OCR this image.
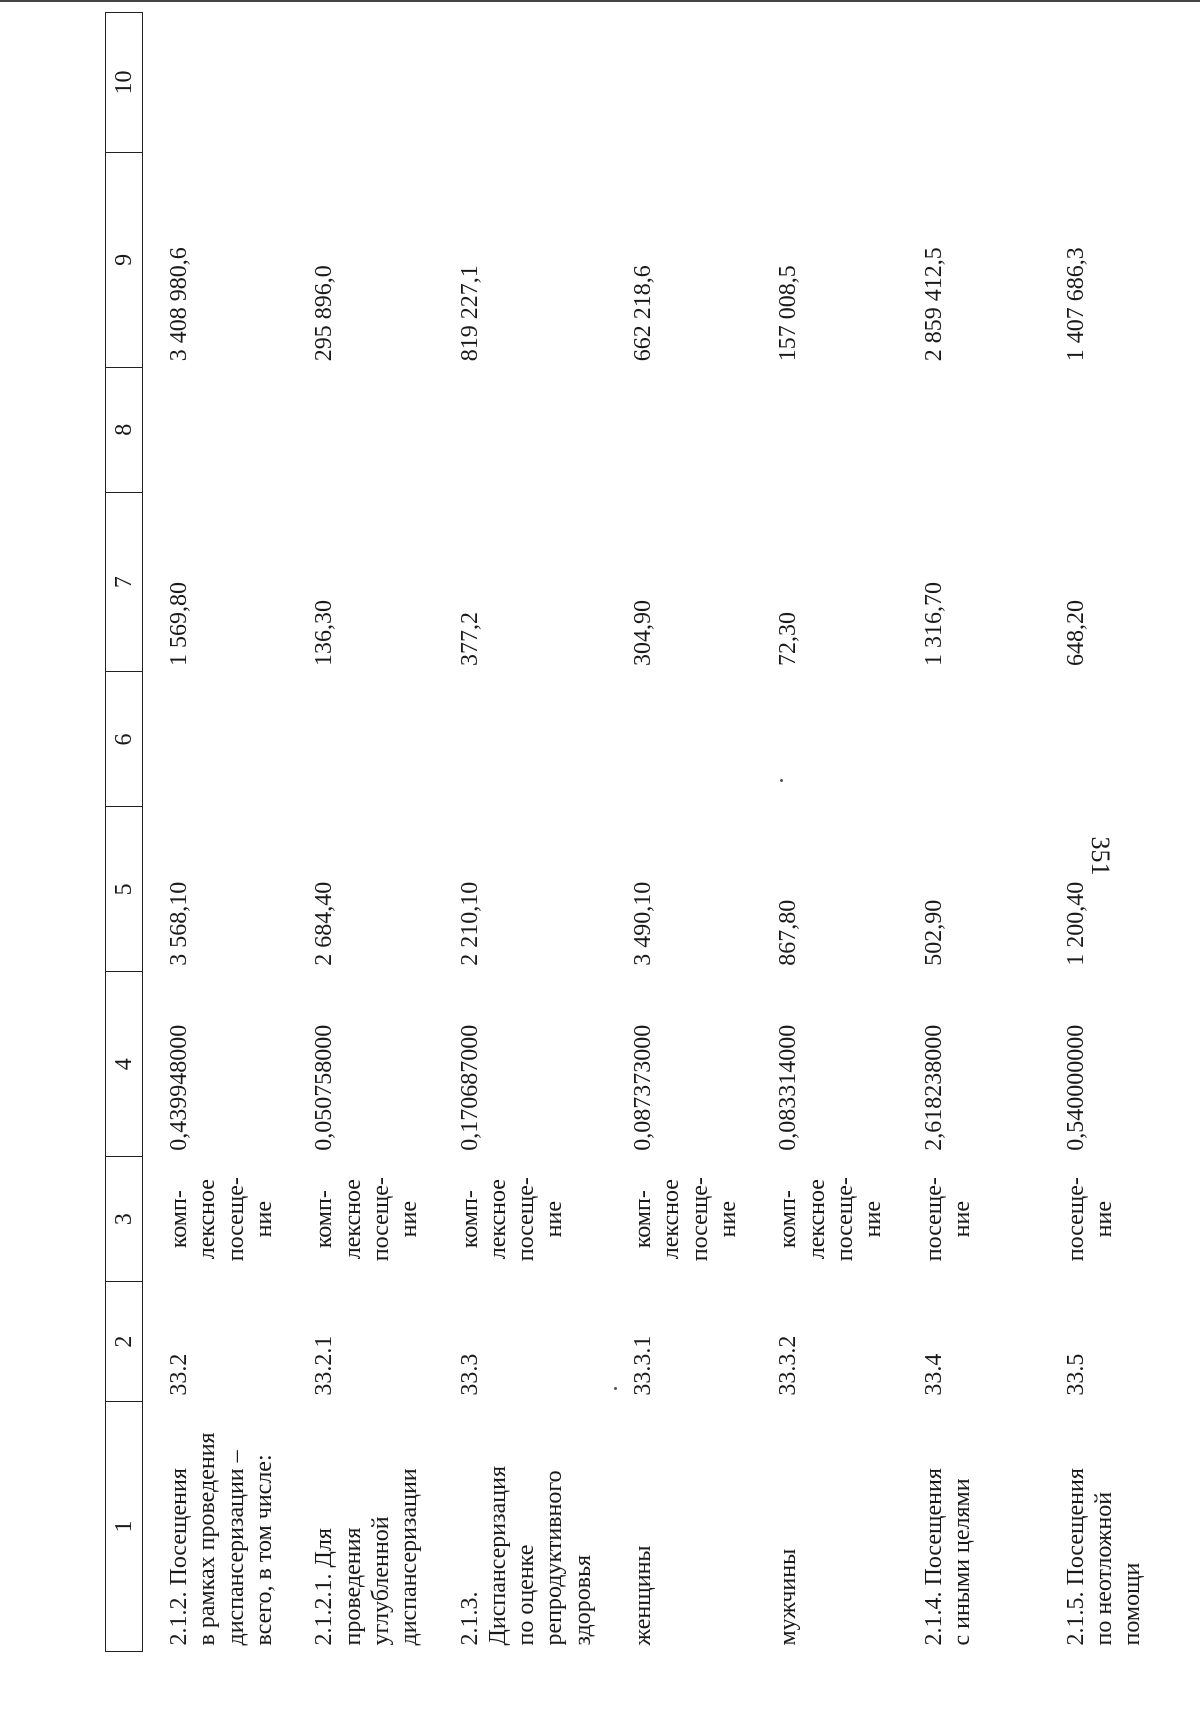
351
1	2	3	4	5	6	7	8	9	10
2.1.2. Посещения
в рамках проведения
диспансеризации –
всего, в том числе:	33.2	комп-
лексное
посеще-
ние	0,439948000	3 568,10		1 569,80		3 408 980,6	
2.1.2.1. Для проведения
углубленной
диспансеризации	33.2.1	комп-
лексное
посеще-
ние	0,050758000	2 684,40		136,30		295 896,0	
2.1.3. Диспансеризация
по оценке
репродуктивного
здоровья	33.3	комп-
лексное
посеще-
ние	0,170687000	2 210,10		377,2		819 227,1	
женщины	33.3.1	комп-
лексное
посеще-
ние	0,087373000	3 490,10		304,90		662 218,6	
мужчины	33.3.2	комп-
лексное
посеще-
ние	0,083314000	867,80		72,30		157 008,5	
2.1.4. Посещения
с иными целями	33.4	посеще-
ние	2,618238000	502,90		1 316,70		2 859 412,5	
2.1.5. Посещения
по неотложной
помощи	33.5	посеще-
ние	0,540000000	1 200,40		648,20		1 407 686,3	
